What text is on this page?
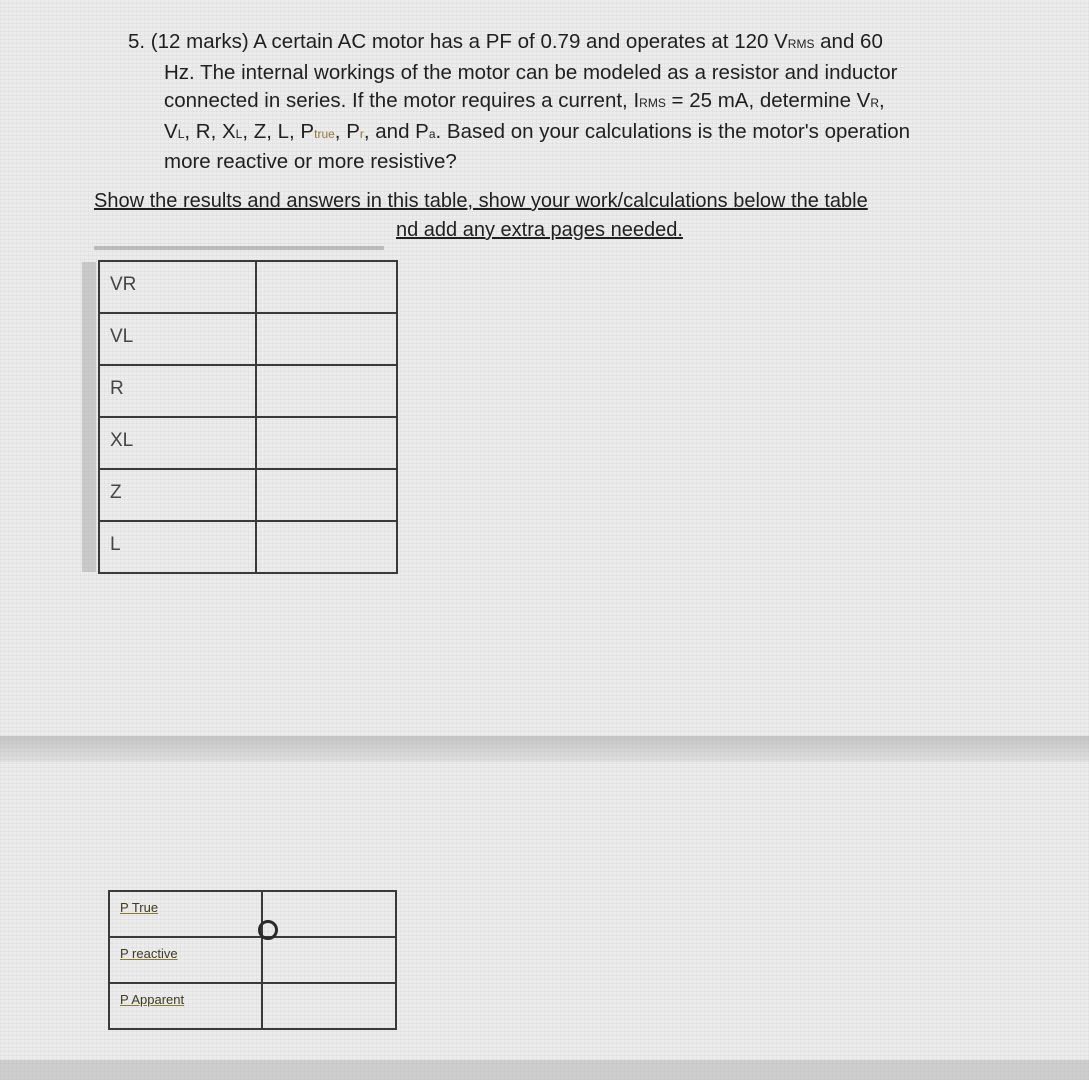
5. (12 marks) A certain AC motor has a PF of 0.79 and operates at 120 VRMS and 60
Hz. The internal workings of the motor can be modeled as a resistor and inductor
connected in series. If the motor requires a current, IRMS = 25 mA, determine VR,
VL, R, XL, Z, L, Ptrue, Pr, and Pa. Based on your calculations is the motor's operation
more reactive or more resistive?
Show the results and answers in this table, show your work/calculations below the table
nd add any extra pages needed.
VR	
VL	
R	
XL	
Z	
L	
P True	
P reactive	
P Apparent	
